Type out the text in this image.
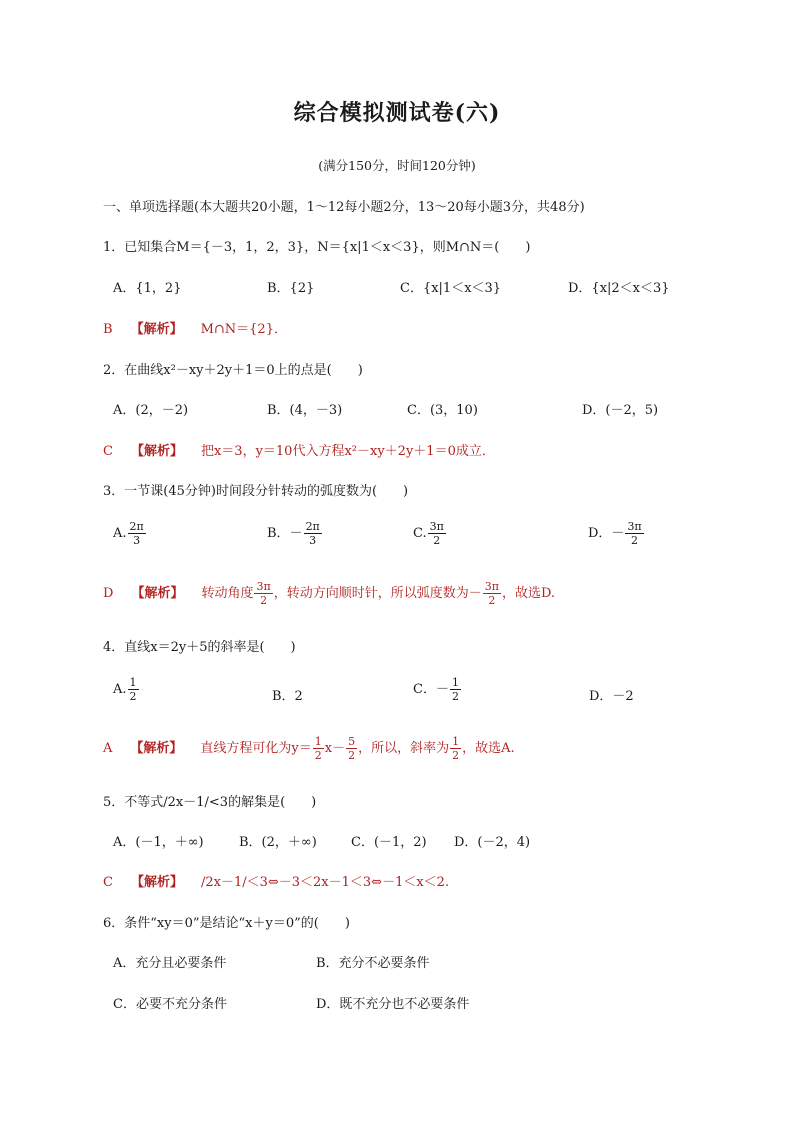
综合模拟测试卷(六)
(满分150分，时间120分钟)
一、单项选择题(本大题共20小题，1～12每小题2分，13～20每小题3分，共48分)
1．已知集合M＝{－3，1，2，3}，N＝{x|1＜x＜3}，则M∩N＝(　　)
A．{1，2}	B．{2}	C．{x|1＜x＜3}	D．{x|2＜x＜3}
B 【解析】 M∩N＝{2}．
2．在曲线x²－xy＋2y＋1＝0上的点是(　　)
A．(2，－2)	B．(4，－3)	C．(3，10)	D．(－2，5)
C 【解析】 把x＝3，y＝10代入方程x²－xy＋2y＋1＝0成立．
3．一节课(45分钟)时间段分针转动的弧度数为(　　)
A. $\frac{2\pi}{3}$	B．－ $\frac{2\pi}{3}$	C. $\frac{3\pi}{2}$	D．－ $\frac{3\pi}{2}$
D 【解析】 转动角度 $\frac{3\pi}{2}$ ，转动方向顺时针，所以弧度数为－ $\frac{3\pi}{2}$ ，故选D.
4．直线x＝2y＋5的斜率是(　　)
A. $\frac{1}{2}$	B．2	C．－ $\frac{1}{2}$	D．－2
A 【解析】 直线方程可化为$y= \frac{1}{2} x- \frac{5}{2}$ ，所以，斜率为 $\frac{1}{2}$ ，故选A.
5．不等式/2x－1/<3的解集是(　　)
A．(－1，＋∞)	B．(2，＋∞)	C．(－1，2) D．(－2，4)
C 【解析】 /2x－1/＜3⇔－3＜2x－1＜3⇔－1＜x＜2.
6．条件“xy＝0”是结论“x＋y＝0”的(　　)
A．充分且必要条件	B．充分不必要条件
C．必要不充分条件	D．既不充分也不必要条件
